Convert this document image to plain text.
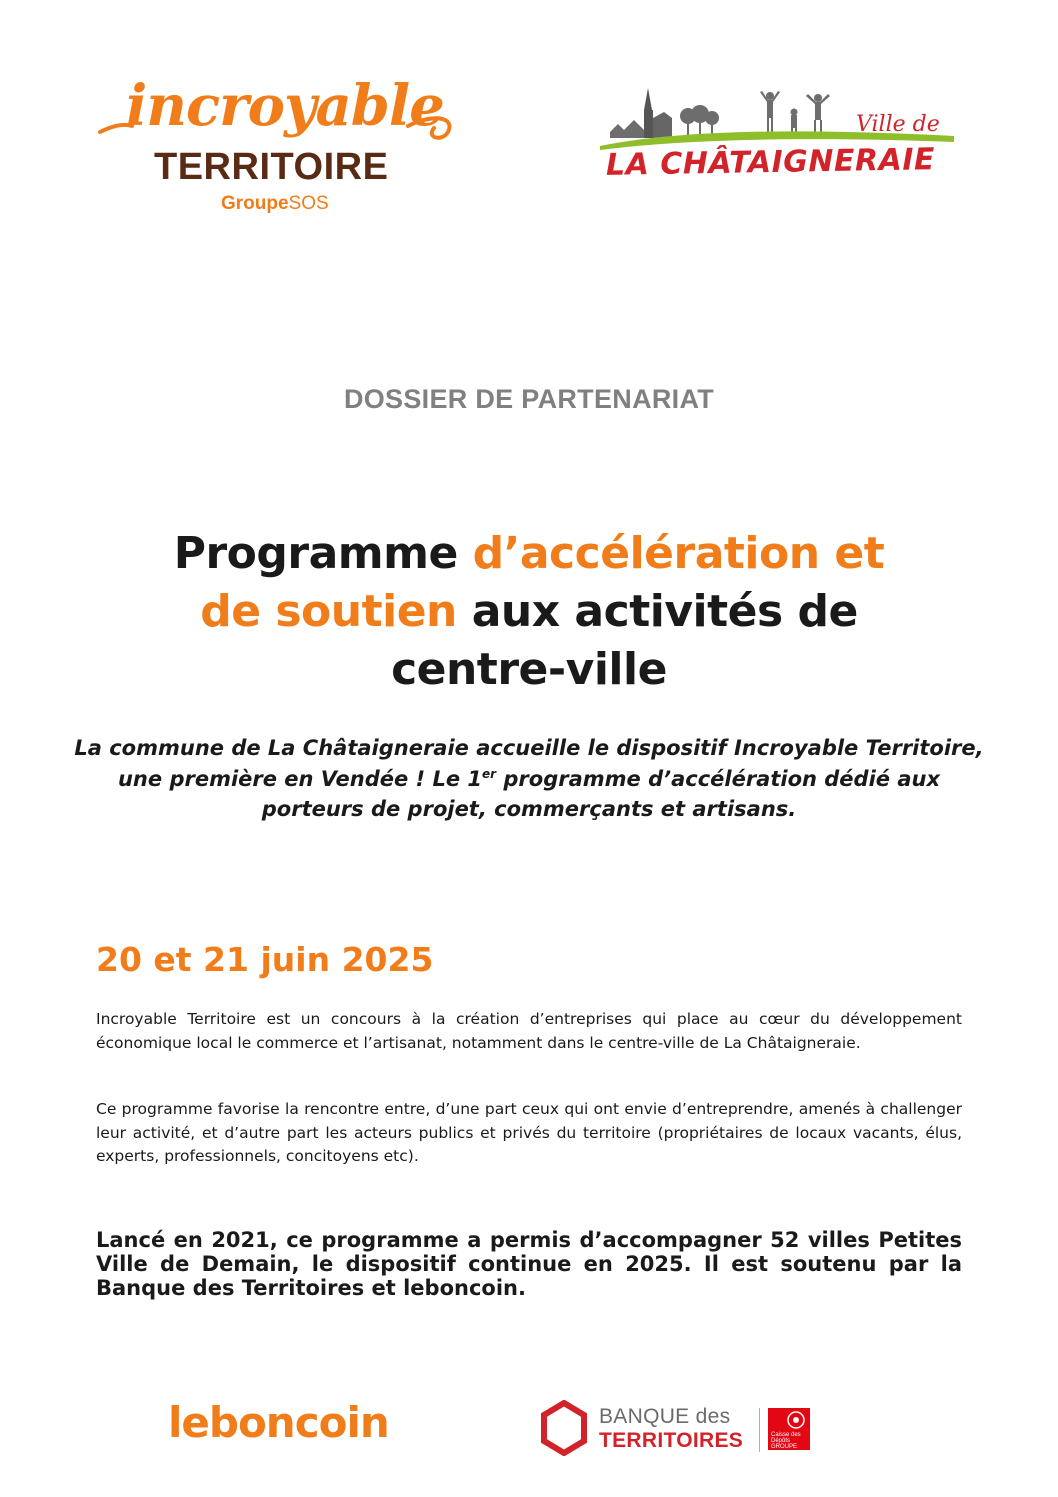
incroyable
TERRITOIRE
GroupeSOS
Ville de
LA CHÂTAIGNERAIE
DOSSIER DE PARTENARIAT
Programme d’accélération et
de soutien aux activités de
centre-ville
La commune de La Châtaigneraie accueille le dispositif Incroyable Territoire, une première en Vendée ! Le 1er programme d’accélération dédié aux porteurs de projet, commerçants et artisans.
20 et 21 juin 2025
Incroyable Territoire est un concours à la création d’entreprises qui place au cœur du développement économique local le commerce et l’artisanat, notamment dans le centre-ville de La Châtaigneraie.
Ce programme favorise la rencontre entre, d’une part ceux qui ont envie d’entreprendre, amenés à challenger leur activité, et d’autre part les acteurs publics et privés du territoire (propriétaires de locaux vacants, élus, experts, professionnels, concitoyens etc).
Lancé en 2021, ce programme a permis d’accompagner 52 villes Petites Ville de Demain, le dispositif continue en 2025. Il est soutenu par la Banque des Territoires et leboncoin.
leboncoin	BANQUE des
TERRITOIRES	Caisse des Dépôts GROUPE
